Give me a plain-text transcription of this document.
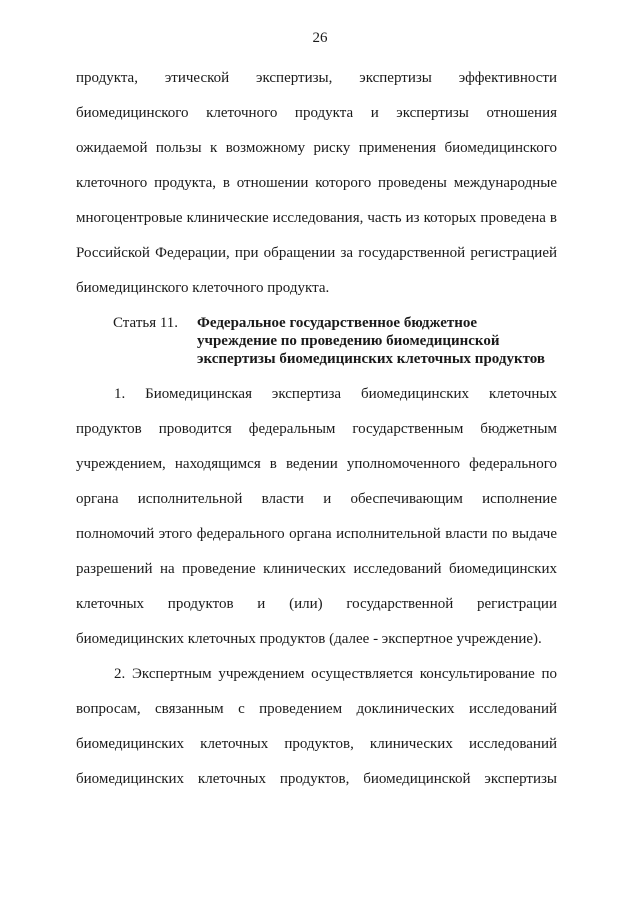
26
продукта, этической экспертизы, экспертизы эффективности
биомедицинского клеточного продукта и экспертизы отношения
ожидаемой пользы к возможному риску применения биомедицинского
клеточного продукта, в отношении которого проведены международные
многоцентровые клинические исследования, часть из которых проведена в
Российской Федерации, при обращении за государственной регистрацией
биомедицинского клеточного продукта.
Статья 11. Федеральное государственное бюджетное
учреждение по проведению биомедицинской
экспертизы биомедицинских клеточных продуктов
1. Биомедицинская экспертиза биомедицинских клеточных
продуктов проводится федеральным государственным бюджетным
учреждением, находящимся в ведении уполномоченного федерального
органа исполнительной власти и обеспечивающим исполнение
полномочий этого федерального органа исполнительной власти по выдаче
разрешений на проведение клинических исследований биомедицинских
клеточных продуктов и (или) государственной регистрации
биомедицинских клеточных продуктов (далее - экспертное учреждение).
2. Экспертным учреждением осуществляется консультирование по
вопросам, связанным с проведением доклинических исследований
биомедицинских клеточных продуктов, клинических исследований
биомедицинских клеточных продуктов, биомедицинской экспертизы
